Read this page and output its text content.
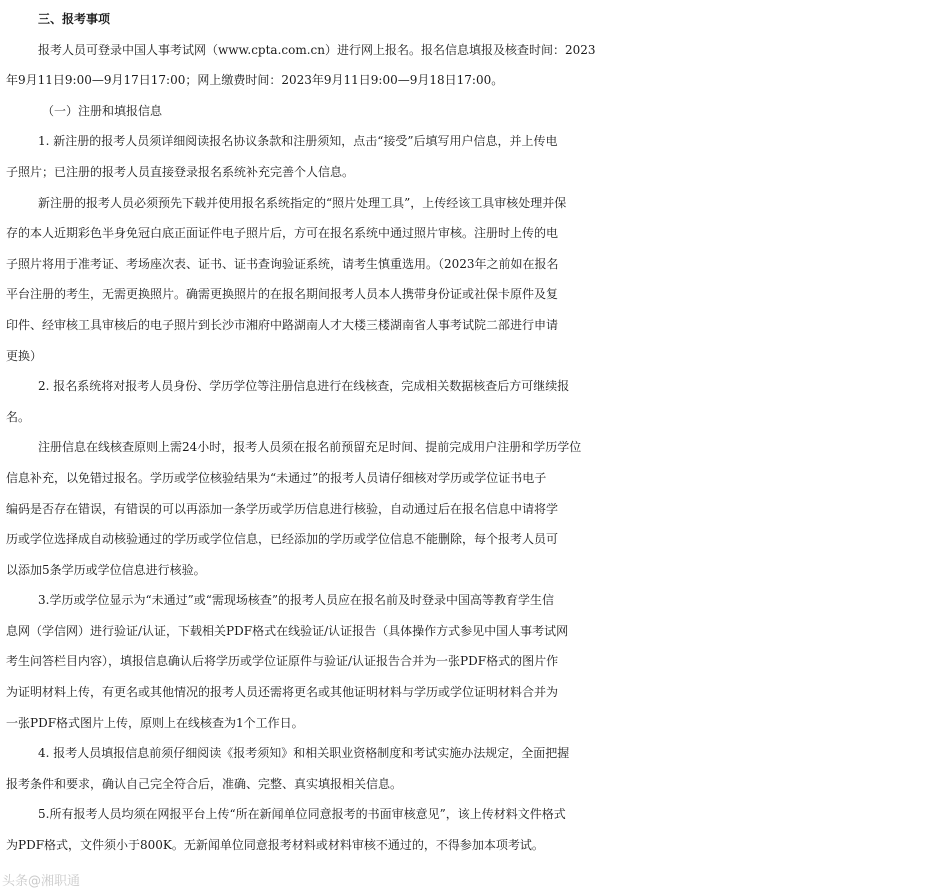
三、报考事项
报考人员可登录中国人事考试网（www.cpta.com.cn）进行网上报名。报名信息填报及核查时间：2023
年9月11日9:00—9月17日17:00；网上缴费时间：2023年9月11日9:00—9月18日17:00。
（一）注册和填报信息
1. 新注册的报考人员须详细阅读报名协议条款和注册须知，点击“接受”后填写用户信息，并上传电
子照片；已注册的报考人员直接登录报名系统补充完善个人信息。
新注册的报考人员必须预先下载并使用报名系统指定的“照片处理工具”，上传经该工具审核处理并保
存的本人近期彩色半身免冠白底正面证件电子照片后，方可在报名系统中通过照片审核。注册时上传的电
子照片将用于准考证、考场座次表、证书、证书查询验证系统，请考生慎重选用。（2023年之前如在报名
平台注册的考生，无需更换照片。确需更换照片的在报名期间报考人员本人携带身份证或社保卡原件及复
印件、经审核工具审核后的电子照片到长沙市湘府中路湖南人才大楼三楼湖南省人事考试院二部进行申请
更换）
2. 报名系统将对报考人员身份、学历学位等注册信息进行在线核查，完成相关数据核查后方可继续报
名。
注册信息在线核查原则上需24小时，报考人员须在报名前预留充足时间、提前完成用户注册和学历学位
信息补充，以免错过报名。学历或学位核验结果为“未通过”的报考人员请仔细核对学历或学位证书电子
编码是否存在错误，有错误的可以再添加一条学历或学历信息进行核验，自动通过后在报名信息中请将学
历或学位选择成自动核验通过的学历或学位信息，已经添加的学历或学位信息不能删除，每个报考人员可
以添加5条学历或学位信息进行核验。
3.学历或学位显示为“未通过”或“需现场核查”的报考人员应在报名前及时登录中国高等教育学生信
息网（学信网）进行验证/认证，下载相关PDF格式在线验证/认证报告（具体操作方式参见中国人事考试网
考生问答栏目内容），填报信息确认后将学历或学位证原件与验证/认证报告合并为一张PDF格式的图片作
为证明材料上传，有更名或其他情况的报考人员还需将更名或其他证明材料与学历或学位证明材料合并为
一张PDF格式图片上传，原则上在线核查为1个工作日。
4. 报考人员填报信息前须仔细阅读《报考须知》和相关职业资格制度和考试实施办法规定，全面把握
报考条件和要求，确认自己完全符合后，准确、完整、真实填报相关信息。
5.所有报考人员均须在网报平台上传“所在新闻单位同意报考的书面审核意见”，该上传材料文件格式
为PDF格式，文件须小于800K。无新闻单位同意报考材料或材料审核不通过的，不得参加本项考试。
头条@湘职通
